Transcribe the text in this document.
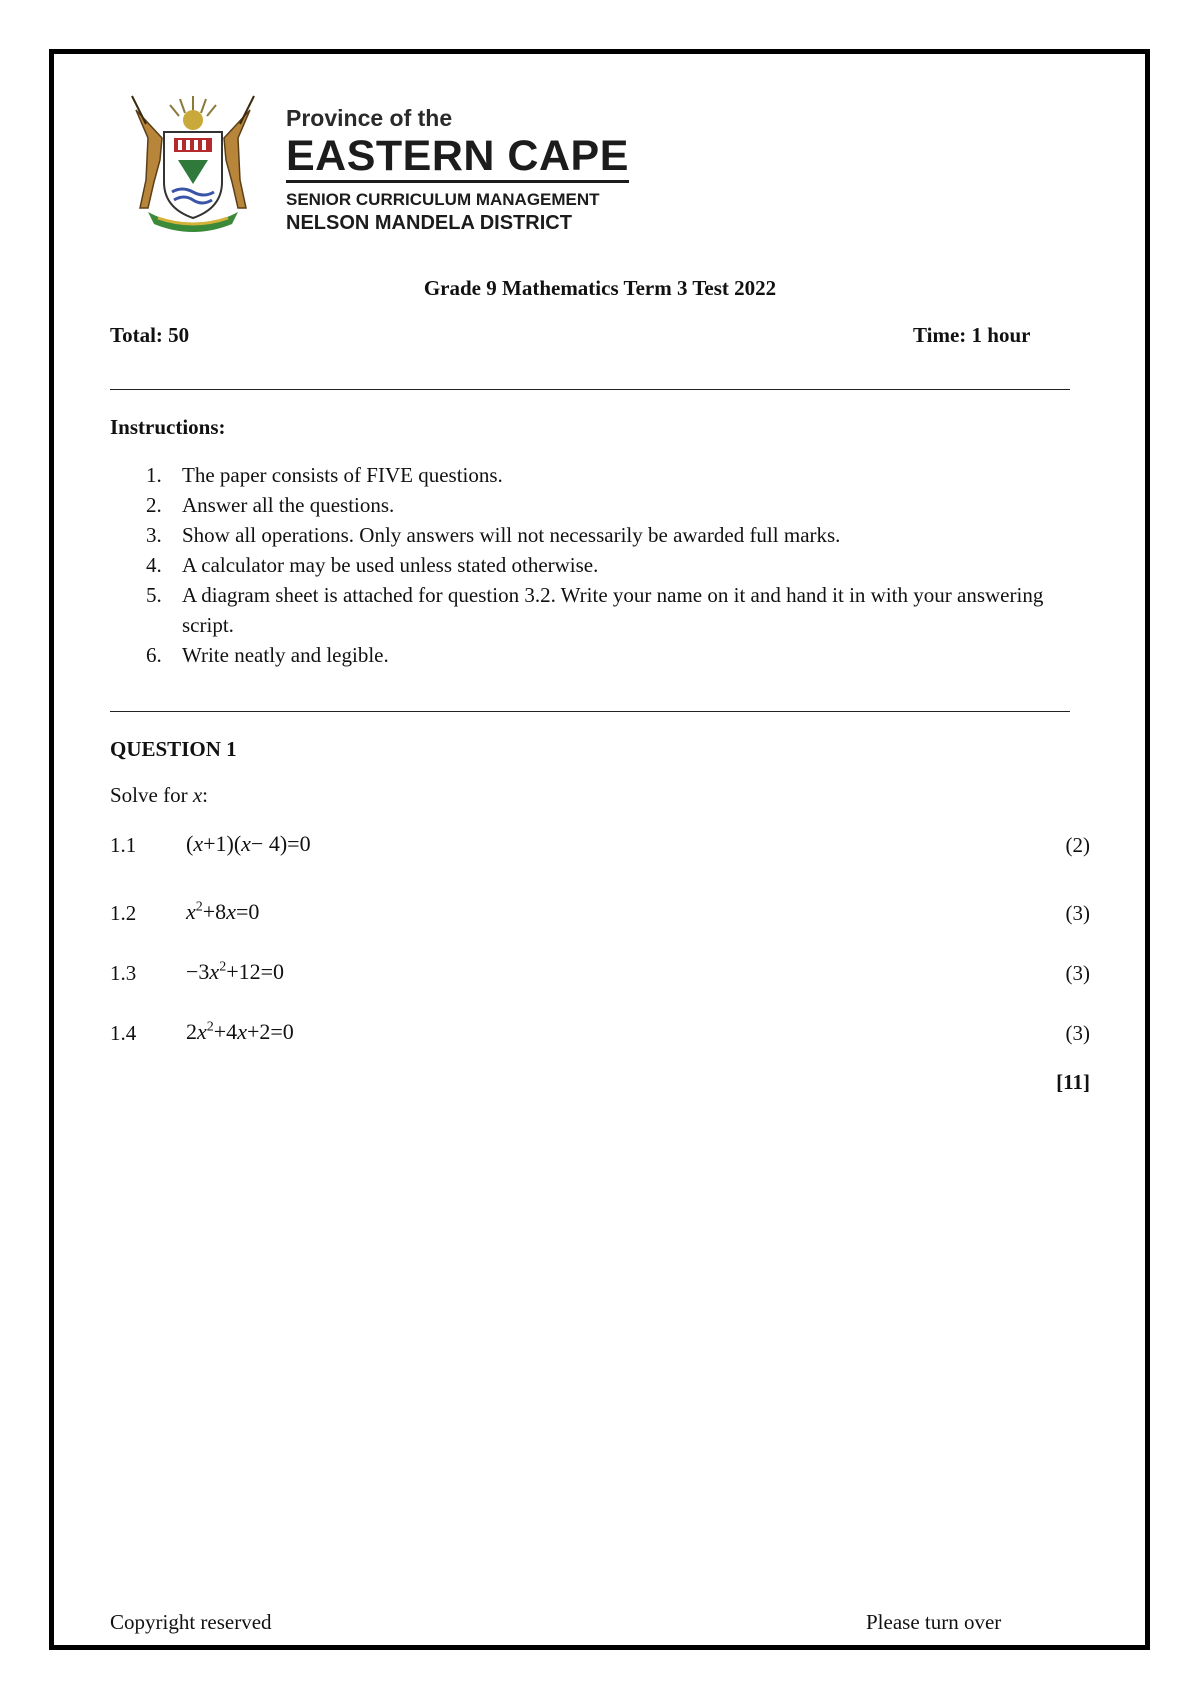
Province of the
EASTERN CAPE
SENIOR CURRICULUM MANAGEMENT
NELSON MANDELA DISTRICT
Grade 9 Mathematics Term 3 Test 2022
Total: 50	Time: 1 hour
Instructions:
1. The paper consists of FIVE questions.
2. Answer all the questions.
3. Show all operations. Only answers will not necessarily be awarded full marks.
4. A calculator may be used unless stated otherwise.
5. A diagram sheet is attached for question 3.2. Write your name on it and hand it in with your answering script.
6. Write neatly and legible.
QUESTION 1
Solve for x:
1.1 (x+1)(x− 4)=0	(2)
1.2 $x^2+8x=0$	(3)
$1.3 -3x^2+12=0$	(3)
1.4 $2x^2+4x+2=0$	(3)
[11]
Copyright reserved	Please turn over
